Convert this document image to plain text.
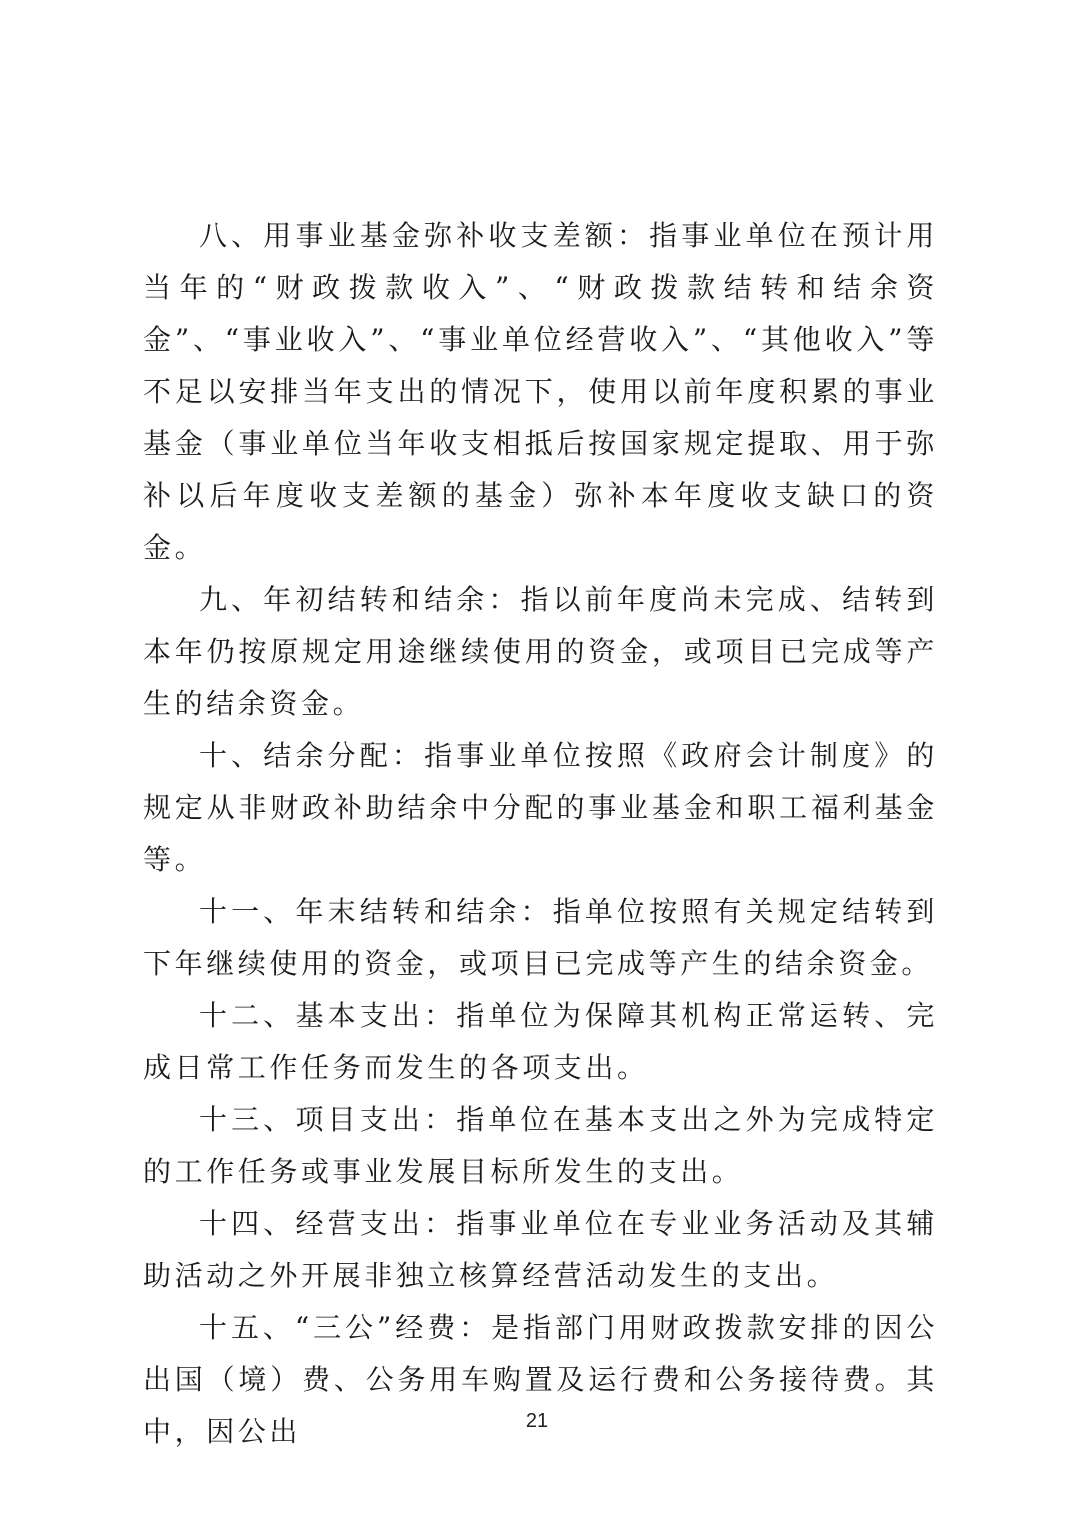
八、用事业基金弥补收支差额：指事业单位在预计用当年的“财政拨款收入”、“财政拨款结转和结余资金”、“事业收入”、“事业单位经营收入”、“其他收入”等不足以安排当年支出的情况下，使用以前年度积累的事业基金（事业单位当年收支相抵后按国家规定提取、用于弥补以后年度收支差额的基金）弥补本年度收支缺口的资金。

九、年初结转和结余：指以前年度尚未完成、结转到本年仍按原规定用途继续使用的资金，或项目已完成等产生的结余资金。

十、结余分配：指事业单位按照《政府会计制度》的规定从非财政补助结余中分配的事业基金和职工福利基金等。

十一、年末结转和结余：指单位按照有关规定结转到下年继续使用的资金，或项目已完成等产生的结余资金。

十二、基本支出：指单位为保障其机构正常运转、完成日常工作任务而发生的各项支出。

十三、项目支出：指单位在基本支出之外为完成特定的工作任务或事业发展目标所发生的支出。

十四、经营支出：指事业单位在专业业务活动及其辅助活动之外开展非独立核算经营活动发生的支出。

十五、“三公”经费：是指部门用财政拨款安排的因公出国（境）费、公务用车购置及运行费和公务接待费。其中，因公出	21
